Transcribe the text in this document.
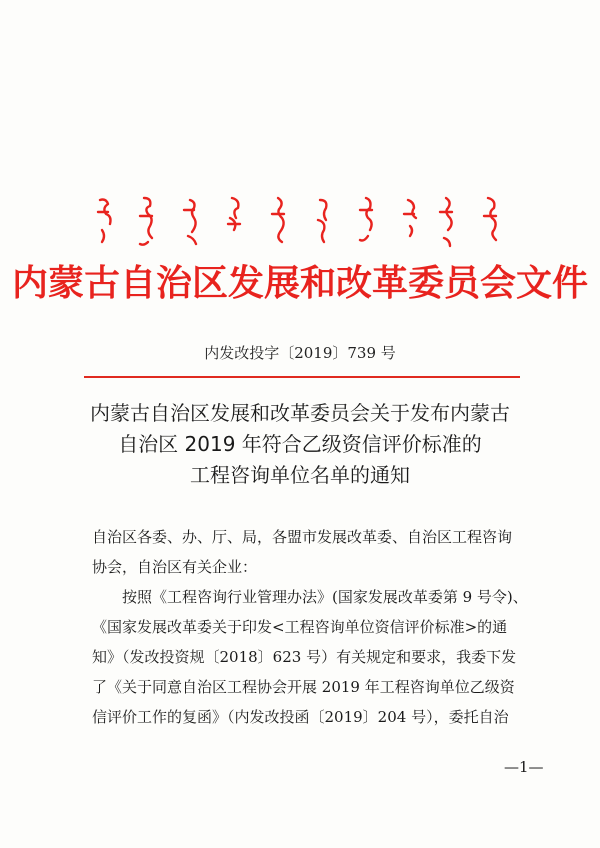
内蒙古自治区发展和改革委员会文件
内发改投字〔2019〕739 号
内蒙古自治区发展和改革委员会关于发布内蒙古
自治区 2019 年符合乙级资信评价标准的
工程咨询单位名单的通知
自治区各委、办、厅、局，各盟市发展改革委、自治区工程咨询
协会，自治区有关企业：
按照《工程咨询行业管理办法》(国家发展改革委第 9 号令)、
《国家发展改革委关于印发<工程咨询单位资信评价标准>的通
知》（发改投资规〔2018〕623 号）有关规定和要求，我委下发
了《关于同意自治区工程协会开展 2019 年工程咨询单位乙级资
信评价工作的复函》（内发改投函〔2019〕204 号），委托自治
—1—
